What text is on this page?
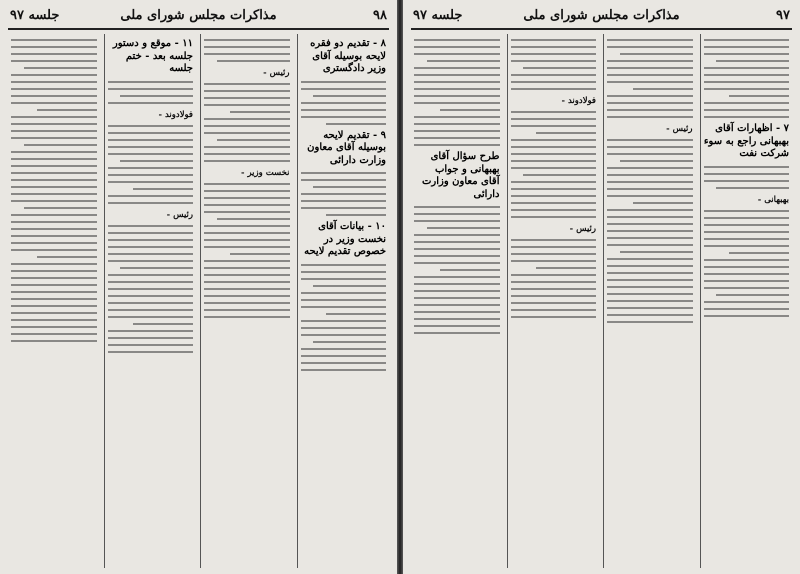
۹۸
مذاکرات مجلس شورای ملی
جلسه ۹۷
۸ - تقدیم دو فقره لایحه بوسیله آقای وزیر دادگستری
۹ - تقدیم لایحه بوسیله آقای معاون وزارت دارائی
۱۰ - بیانات آقای نخست وزیر در خصوص تقدیم لایحه
رئیس -
نخست وزیر -
۱۱ - موقع و دستور جلسه بعد - ختم جلسه
فولادوند -
رئیس -
۹۷
مذاکرات مجلس شورای ملی
جلسه ۹۷
۷ - اظهارات آقای بهبهانی راجع به سوء شرکت نفت
بهبهانی -
رئیس -
فولادوند -
رئیس -
طرح سؤال آقای بهبهانی و جواب آقای معاون وزارت دارائی
